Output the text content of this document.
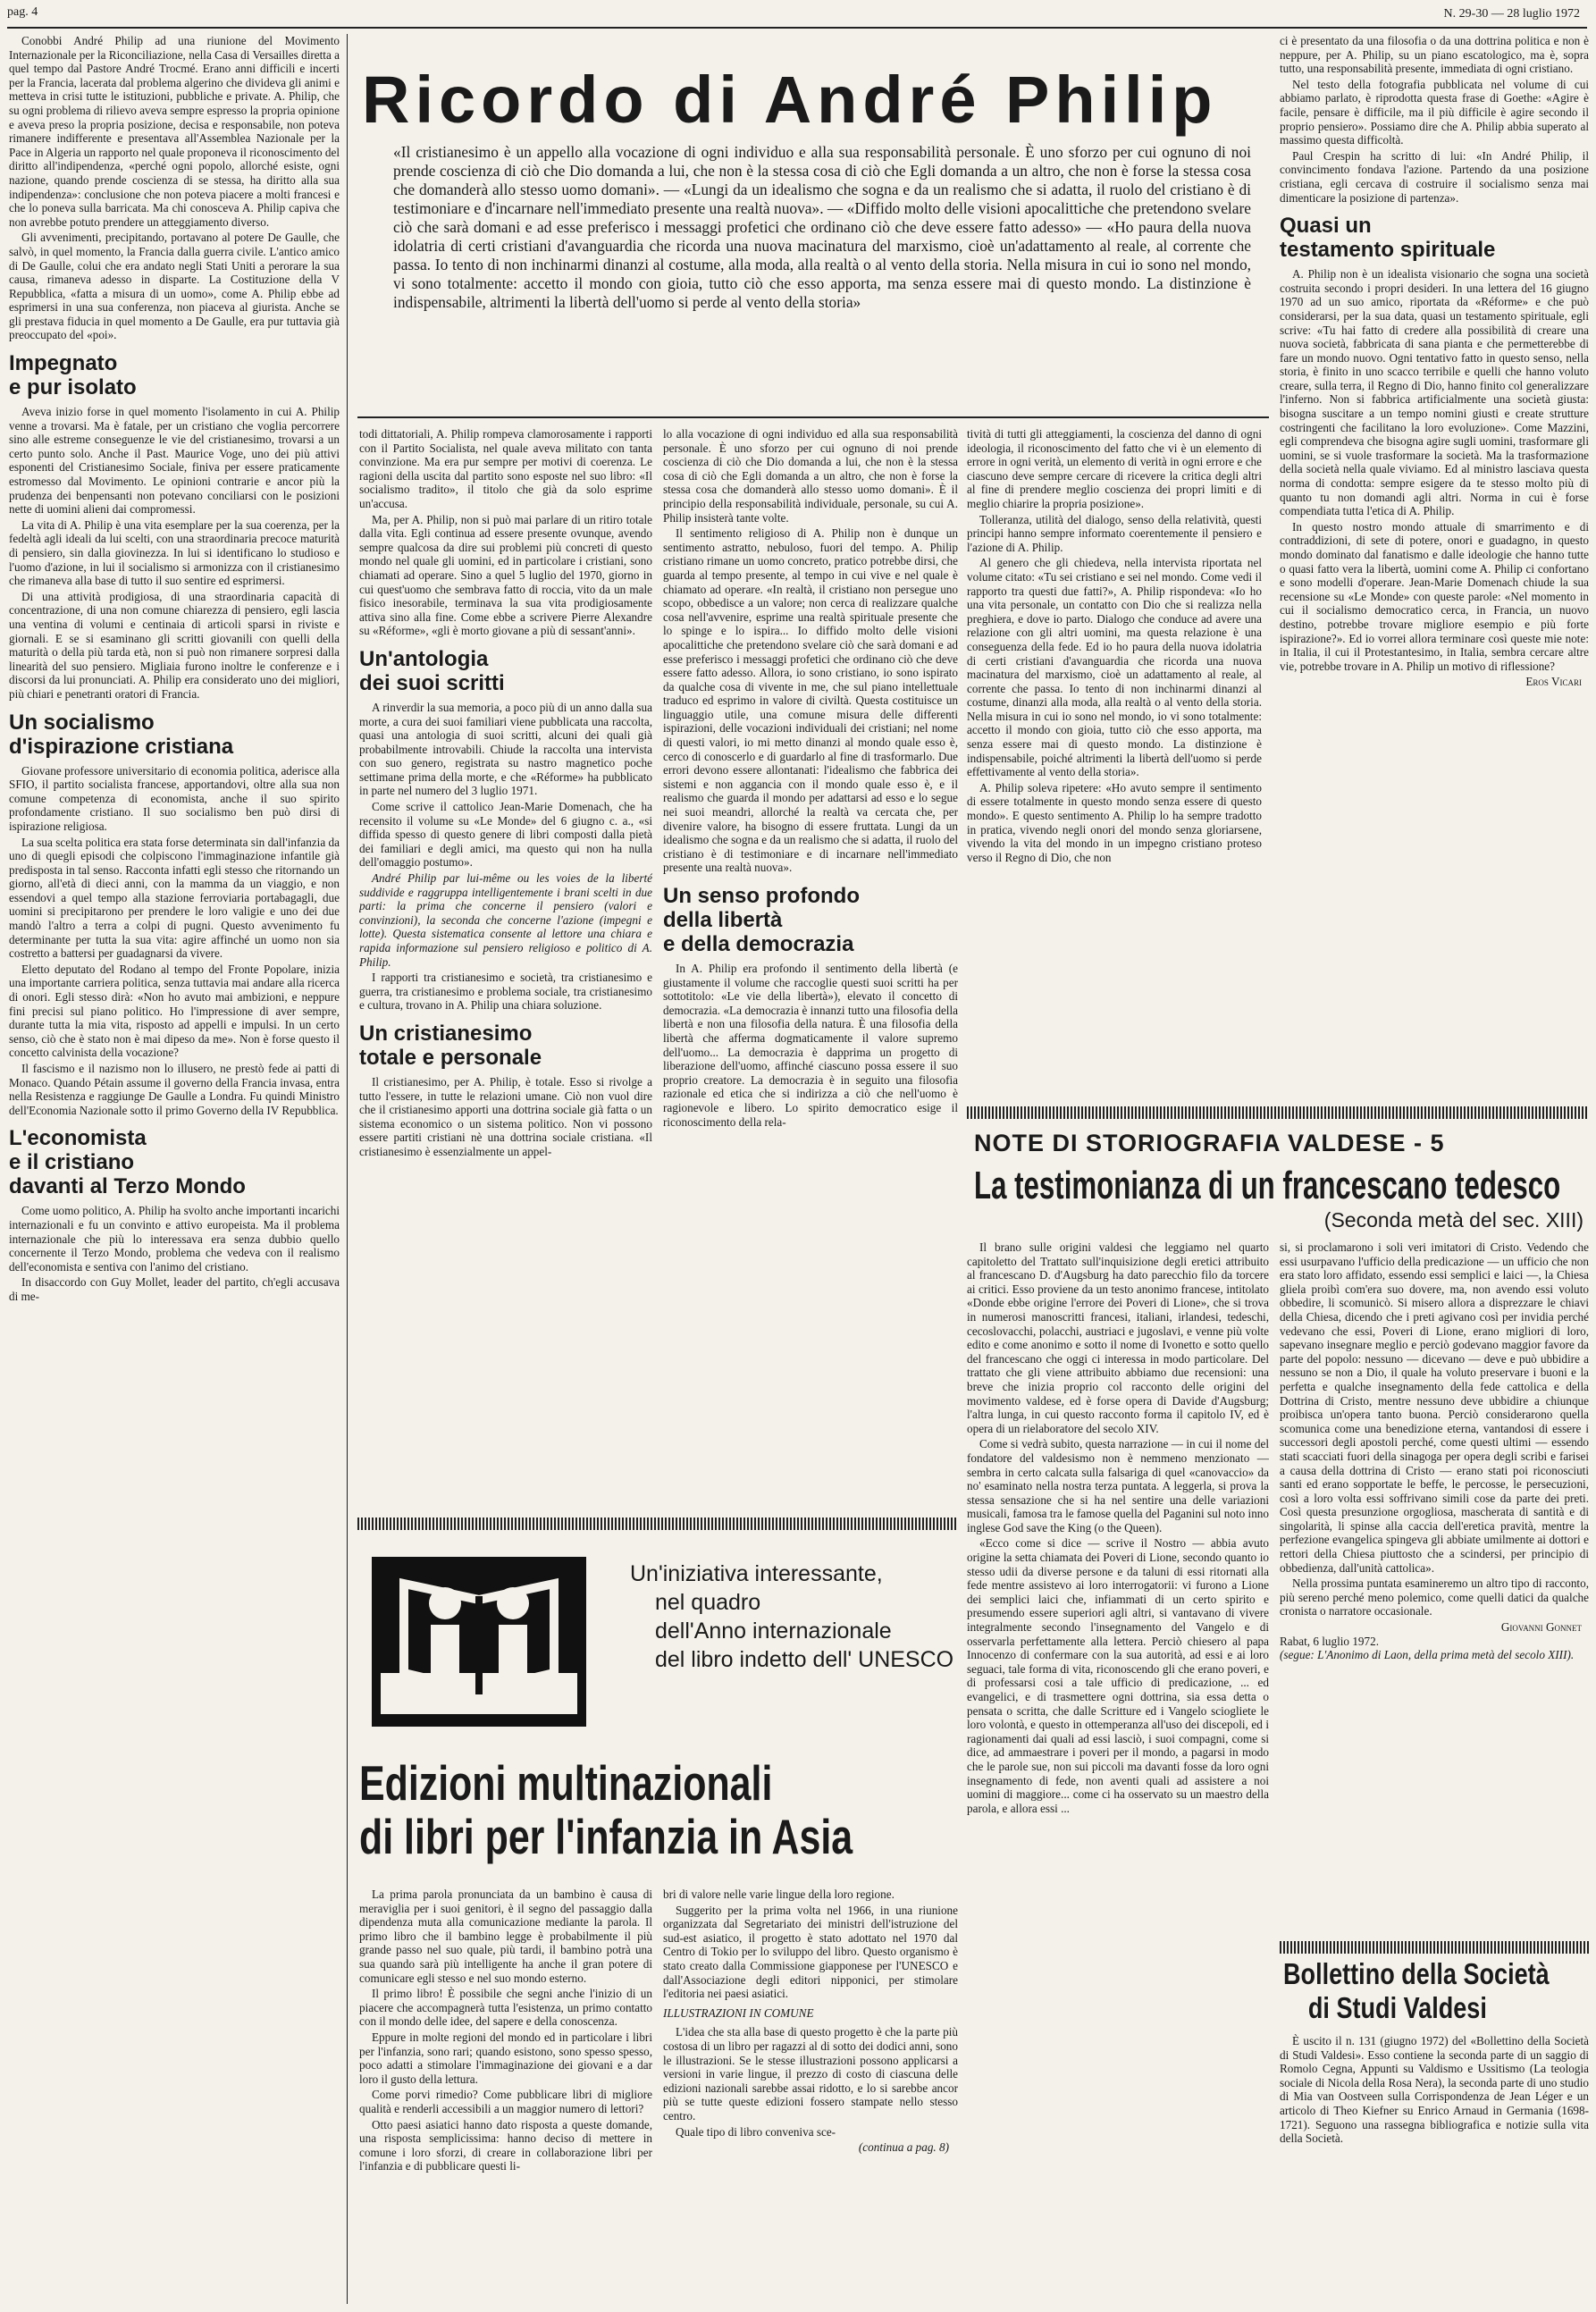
pag. 4	N. 29-30 — 28 luglio 1972

Conobbi André Philip ad una riunione del Movimento Internazionale per la Riconciliazione, nella Casa di Versailles diretta a quel tempo dal Pastore André Trocmé. Erano anni difficili e incerti per la Francia, lacerata dal problema algerino che divideva gli animi e metteva in crisi tutte le istituzioni, pubbliche e private. A. Philip, che su ogni problema di rilievo aveva sempre espresso la propria opinione e aveva preso la propria posizione, decisa e responsabile, non poteva rimanere indifferente e presentava all'Assemblea Nazionale per la Pace in Algeria un rapporto nel quale proponeva il riconoscimento del diritto all'indipendenza, «perché ogni popolo, allorché esiste, ogni nazione, quando prende coscienza di se stessa, ha diritto alla sua indipendenza»: conclusione che non poteva piacere a molti francesi e che lo poneva sulla barricata. Ma chi conosceva A. Philip capiva che non avrebbe potuto prendere un atteggiamento diverso.

Gli avvenimenti, precipitando, portavano al potere De Gaulle, che salvò, in quel momento, la Francia dalla guerra civile. L'antico amico di De Gaulle, colui che era andato negli Stati Uniti a perorare la sua causa, rimaneva adesso in disparte. La Costituzione della V Repubblica, «fatta a misura di un uomo», come A. Philip ebbe ad esprimersi in una sua conferenza, non piaceva al giurista. Anche se gli prestava fiducia in quel momento a De Gaulle, era pur tuttavia già preoccupato del «poi».

Impegnato
e pur isolato

Aveva inizio forse in quel momento l'isolamento in cui A. Philip venne a trovarsi. Ma è fatale, per un cristiano che voglia percorrere sino alle estreme conseguenze le vie del cristianesimo, trovarsi a un certo punto solo. Anche il Past. Maurice Voge, uno dei più attivi esponenti del Cristianesimo Sociale, finiva per essere praticamente estromesso dal Movimento. Le opinioni contrarie e ancor più la prudenza dei benpensanti non potevano conciliarsi con le posizioni nette di uomini alieni dai compromessi.

La vita di A. Philip è una vita esemplare per la sua coerenza, per la fedeltà agli ideali da lui scelti, con una straordinaria precoce maturità di pensiero, sin dalla giovinezza. In lui si identificano lo studioso e l'uomo d'azione, in lui il socialismo si armonizza con il cristianesimo che rimaneva alla base di tutto il suo sentire ed esprimersi.

Di una attività prodigiosa, di una straordinaria capacità di concentrazione, di una non comune chiarezza di pensiero, egli lascia una ventina di volumi e centinaia di articoli sparsi in riviste e giornali. E se si esaminano gli scritti giovanili con quelli della maturità o della più tarda età, non si può non rimanere sorpresi dalla linearità del suo pensiero. Migliaia furono inoltre le conferenze e i discorsi da lui pronunciati. A. Philip era considerato uno dei migliori, più chiari e penetranti oratori di Francia.

Un socialismo
d'ispirazione cristiana

Giovane professore universitario di economia politica, aderisce alla SFIO, il partito socialista francese, apportandovi, oltre alla sua non comune competenza di economista, anche il suo spirito profondamente cristiano. Il suo socialismo ben può dirsi di ispirazione religiosa.

La sua scelta politica era stata forse determinata sin dall'infanzia da uno di quegli episodi che colpiscono l'immaginazione infantile già predisposta in tal senso. Racconta infatti egli stesso che ritornando un giorno, all'età di dieci anni, con la mamma da un viaggio, e non essendovi a quel tempo alla stazione ferroviaria portabagagli, due uomini si precipitarono per prendere le loro valigie e uno dei due mandò l'altro a terra a colpi di pugni. Questo avvenimento fu determinante per tutta la sua vita: agire affinché un uomo non sia costretto a battersi per guadagnarsi da vivere.

Eletto deputato del Rodano al tempo del Fronte Popolare, inizia una importante carriera politica, senza tuttavia mai andare alla ricerca di onori. Egli stesso dirà: «Non ho avuto mai ambizioni, e neppure fini precisi sul piano politico. Ho l'impressione di aver sempre, durante tutta la mia vita, risposto ad appelli e impulsi. In un certo senso, ciò che è stato non è mai dipeso da me». Non è forse questo il concetto calvinista della vocazione?

Il fascismo e il nazismo non lo illusero, ne prestò fede ai patti di Monaco. Quando Pétain assume il governo della Francia invasa, entra nella Resistenza e raggiunge De Gaulle a Londra. Fu quindi Ministro dell'Economia Nazionale sotto il primo Governo della IV Repubblica.

L'economista
e il cristiano
davanti al Terzo Mondo

Come uomo politico, A. Philip ha svolto anche importanti incarichi internazionali e fu un convinto e attivo europeista. Ma il problema internazionale che più lo interessava era senza dubbio quello concernente il Terzo Mondo, problema che vedeva con il realismo dell'economista e sentiva con l'animo del cristiano.

In disaccordo con Guy Mollet, leader del partito, ch'egli accusava di me-

Ricordo di André Philip
«Il cristianesimo è un appello alla vocazione di ogni individuo e alla sua responsabilità personale. È uno sforzo per cui ognuno di noi prende coscienza di ciò che Dio domanda a lui, che non è la stessa cosa di ciò che Egli domanda a un altro, che non è forse la stessa cosa che domanderà allo stesso uomo domani». — «Lungi da un idealismo che sogna e da un realismo che si adatta, il ruolo del cristiano è di testimoniare e d'incarnare nell'immediato presente una realtà nuova». — «Diffido molto delle visioni apocalittiche che pretendono svelare ciò che sarà domani e ad esse preferisco i messaggi profetici che ordinano ciò che deve essere fatto adesso» — «Ho paura della nuova idolatria di certi cristiani d'avanguardia che ricorda una nuova macinatura del marxismo, cioè un'adattamento al reale, al corrente che passa. Io tento di non inchinarmi dinanzi al costume, alla moda, alla realtà o al vento della storia. Nella misura in cui io sono nel mondo, vi sono totalmente: accetto il mondo con gioia, tutto ciò che esso apporta, ma senza essere mai di questo mondo. La distinzione è indispensabile, altrimenti la libertà dell'uomo si perde al vento della storia»

todi dittatoriali, A. Philip rompeva clamorosamente i rapporti con il Partito Socialista, nel quale aveva militato con tanta convinzione. Ma era pur sempre per motivi di coerenza. Le ragioni della uscita dal partito sono esposte nel suo libro: «Il socialismo tradito», il titolo che già da solo esprime un'accusa.

Ma, per A. Philip, non si può mai parlare di un ritiro totale dalla vita. Egli continua ad essere presente ovunque, avendo sempre qualcosa da dire sui problemi più concreti di questo mondo nel quale gli uomini, ed in particolare i cristiani, sono chiamati ad operare. Sino a quel 5 luglio del 1970, giorno in cui quest'uomo che sembrava fatto di roccia, vito da un male fisico inesorabile, terminava la sua vita prodigiosamente attiva sino alla fine. Come ebbe a scrivere Pierre Alexandre su «Réforme», «gli è morto giovane a più di sessant'anni».

Un'antologia
dei suoi scritti

A rinverdir la sua memoria, a poco più di un anno dalla sua morte, a cura dei suoi familiari viene pubblicata una raccolta, quasi una antologia di suoi scritti, alcuni dei quali già probabilmente introvabili. Chiude la raccolta una intervista con suo genero, registrata su nastro magnetico poche settimane prima della morte, e che «Réforme» ha pubblicato in parte nel numero del 3 luglio 1971.

Come scrive il cattolico Jean-Marie Domenach, che ha recensito il volume su «Le Monde» del 6 giugno c. a., «si diffida spesso di questo genere di libri composti dalla pietà dei familiari e degli amici, ma questo qui non ha nulla dell'omaggio postumo».

André Philip par lui-même ou les voies de la liberté suddivide e raggruppa intelligentemente i brani scelti in due parti: la prima che concerne il pensiero (valori e convinzioni), la seconda che concerne l'azione (impegni e lotte). Questa sistematica consente al lettore una chiara e rapida informazione sul pensiero religioso e politico di A. Philip.

I rapporti tra cristianesimo e società, tra cristianesimo e guerra, tra cristianesimo e problema sociale, tra cristianesimo e cultura, trovano in A. Philip una chiara soluzione.

Un cristianesimo
totale e personale

Il cristianesimo, per A. Philip, è totale. Esso si rivolge a tutto l'essere, in tutte le relazioni umane. Ciò non vuol dire che il cristianesimo apporti una dottrina sociale già fatta o un sistema economico o un sistema politico. Non vi possono essere partiti cristiani nè una dottrina sociale cristiana. «Il cristianesimo è essenzialmente un appel-

lo alla vocazione di ogni individuo ed alla sua responsabilità personale. È uno sforzo per cui ognuno di noi prende coscienza di ciò che Dio domanda a lui, che non è la stessa cosa di ciò che Egli domanda a un altro, che non è forse la stessa cosa che domanderà allo stesso uomo domani». È il principio della responsabilità individuale, personale, su cui A. Philip insisterà tante volte.

Il sentimento religioso di A. Philip non è dunque un sentimento astratto, nebuloso, fuori del tempo. A. Philip cristiano rimane un uomo concreto, pratico potrebbe dirsi, che guarda al tempo presente, al tempo in cui vive e nel quale è chiamato ad operare. «In realtà, il cristiano non persegue uno scopo, obbedisce a un valore; non cerca di realizzare qualche cosa nell'avvenire, esprime una realtà spirituale presente che lo spinge e lo ispira... Io diffido molto delle visioni apocalittiche che pretendono svelare ciò che sarà domani e ad esse preferisco i messaggi profetici che ordinano ciò che deve essere fatto adesso. Allora, io sono cristiano, io sono ispirato da qualche cosa di vivente in me, che sul piano intellettuale traduco ed esprimo in valore di civiltà. Questa costituisce un linguaggio utile, una comune misura delle differenti ispirazioni, delle vocazioni individuali dei cristiani; nel nome di questi valori, io mi metto dinanzi al mondo quale esso è, cerco di conoscerlo e di guardarlo al fine di trasformarlo. Due errori devono essere allontanati: l'idealismo che fabbrica dei sistemi e non aggancia con il mondo quale esso è, e il realismo che guarda il mondo per adattarsi ad esso e lo segue nei suoi meandri, allorché la realtà va cercata che, per divenire valore, ha bisogno di essere fruttata. Lungi da un idealismo che sogna e da un realismo che si adatta, il ruolo del cristiano è di testimoniare e di incarnare nell'immediato presente una realtà nuova».

Un senso profondo
della libertà
e della democrazia

In A. Philip era profondo il sentimento della libertà (e giustamente il volume che raccoglie questi suoi scritti ha per sottotitolo: «Le vie della libertà»), elevato il concetto di democrazia. «La democrazia è innanzi tutto una filosofia della libertà e non una filosofia della natura. È una filosofia della libertà che afferma dogmaticamente il valore supremo dell'uomo... La democrazia è dapprima un progetto di liberazione dell'uomo, affinché ciascuno possa essere il suo proprio creatore. La democrazia è in seguito una filosofia razionale ed etica che si indirizza a ciò che nell'uomo è ragionevole e libero. Lo spirito democratico esige il riconoscimento della rela-

tività di tutti gli atteggiamenti, la coscienza del danno di ogni ideologia, il riconoscimento del fatto che vi è un elemento di errore in ogni verità, un elemento di verità in ogni errore e che ciascuno deve sempre cercare di ricevere la critica degli altri al fine di prendere meglio coscienza dei propri limiti e di meglio chiarire la propria posizione».

Tolleranza, utilità del dialogo, senso della relatività, questi principi hanno sempre informato coerentemente il pensiero e l'azione di A. Philip.

Al genero che gli chiedeva, nella intervista riportata nel volume citato: «Tu sei cristiano e sei nel mondo. Come vedi il rapporto tra questi due fatti?», A. Philip rispondeva: «Io ho una vita personale, un contatto con Dio che si realizza nella preghiera, e dove io parto. Dialogo che conduce ad avere una relazione con gli altri uomini, ma questa relazione è una conseguenza della fede. Ed io ho paura della nuova idolatria di certi cristiani d'avanguardia che ricorda una nuova macinatura del marxismo, cioè un adattamento al reale, al corrente che passa. Io tento di non inchinarmi dinanzi al costume, dinanzi alla moda, alla realtà o al vento della storia. Nella misura in cui io sono nel mondo, io vi sono totalmente: accetto il mondo con gioia, tutto ciò che esso apporta, ma senza essere mai di questo mondo. La distinzione è indispensabile, poiché altrimenti la libertà dell'uomo si perde effettivamente al vento della storia».

A. Philip soleva ripetere: «Ho avuto sempre il sentimento di essere totalmente in questo mondo senza essere di questo mondo». E questo sentimento A. Philip lo ha sempre tradotto in pratica, vivendo negli onori del mondo senza gloriarsene, vivendo la vita del mondo in un impegno cristiano proteso verso il Regno di Dio, che non

ci è presentato da una filosofia o da una dottrina politica e non è neppure, per A. Philip, su un piano escatologico, ma è, sopra tutto, una responsabilità presente, immediata di ogni cristiano.

Nel testo della fotografia pubblicata nel volume di cui abbiamo parlato, è riprodotta questa frase di Goethe: «Agire è facile, pensare è difficile, ma il più difficile è agire secondo il proprio pensiero». Possiamo dire che A. Philip abbia superato al massimo questa difficoltà.

Paul Crespin ha scritto di lui: «In André Philip, il convincimento fondava l'azione. Partendo da una posizione cristiana, egli cercava di costruire il socialismo senza mai dimenticare la posizione di partenza».

Quasi un
testamento spirituale

A. Philip non è un idealista visionario che sogna una società costruita secondo i propri desideri. In una lettera del 16 giugno 1970 ad un suo amico, riportata da «Réforme» e che può considerarsi, per la sua data, quasi un testamento spirituale, egli scrive: «Tu hai fatto di credere alla possibilità di creare una nuova società, fabbricata di sana pianta e che permetterebbe di fare un mondo nuovo. Ogni tentativo fatto in questo senso, nella storia, è finito in uno scacco terribile e quelli che hanno voluto creare, sulla terra, il Regno di Dio, hanno finito col generalizzare l'inferno. Non si fabbrica artificialmente una società giusta: bisogna suscitare a un tempo nomini giusti e create strutture costringenti che facilitano la loro evoluzione». Come Mazzini, egli comprendeva che bisogna agire sugli uomini, trasformare gli uomini, se si vuole trasformare la società. Ma la trasformazione della società nella quale viviamo. Ed al ministro lasciava questa norma di condotta: sempre esigere da te stesso molto più di quanto tu non domandi agli altri. Norma in cui è forse compendiata tutta l'etica di A. Philip.

In questo nostro mondo attuale di smarrimento e di contraddizioni, di sete di potere, onori e guadagno, in questo mondo dominato dal fanatismo e dalle ideologie che hanno tutte o quasi fatto vera la libertà, uomini come A. Philip ci confortano e sono modelli d'operare. Jean-Marie Domenach chiude la sua recensione su «Le Monde» con queste parole: «Nel momento in cui il socialismo democratico cerca, in Francia, un nuovo destino, potrebbe trovare migliore esempio e più forte ispirazione?». Ed io vorrei allora terminare così queste mie note: in Italia, il cui il Protestantesimo, in Italia, sembra cercare altre vie, potrebbe trovare in A. Philip un motivo di riflessione?

Eros Vicari
NOTE DI STORIOGRAFIA VALDESE - 5
La testimonianza di un francescano tedesco
(Seconda metà del sec. XIII)

Il brano sulle origini valdesi che leggiamo nel quarto capitoletto del Trattato sull'inquisizione degli eretici attribuito al francescano D. d'Augsburg ha dato parecchio filo da torcere ai critici. Esso proviene da un testo anonimo francese, intitolato «Donde ebbe origine l'errore dei Poveri di Lione», che si trova in numerosi manoscritti francesi, italiani, irlandesi, tedeschi, cecoslovacchi, polacchi, austriaci e jugoslavi, e venne più volte edito e come anonimo e sotto il nome di Ivonetto e sotto quello del francescano che oggi ci interessa in modo particolare. Del trattato che gli viene attribuito abbiamo due recensioni: una breve che inizia proprio col racconto delle origini del movimento valdese, ed è forse opera di Davide d'Augsburg; l'altra lunga, in cui questo racconto forma il capitolo IV, ed è opera di un rielaboratore del secolo XIV.

Come si vedrà subito, questa narrazione — in cui il nome del fondatore del valdesismo non è nemmeno menzionato — sembra in certo calcata sulla falsariga di quel «canovaccio» da no' esaminato nella nostra terza puntata. A leggerla, si prova la stessa sensazione che si ha nel sentire una delle variazioni musicali, famosa tra le famose quella del Paganini sul noto inno inglese God save the King (o the Queen).

«Ecco come si dice — scrive il Nostro — abbia avuto origine la setta chiamata dei Poveri di Lione, secondo quanto io stesso udii da diverse persone e da taluni di essi ritornati alla fede mentre assistevo ai loro interrogatorii: vi furono a Lione dei semplici laici che, infiammati di un certo spirito e presumendo essere superiori agli altri, si vantavano di vivere integralmente secondo l'insegnamento del Vangelo e di osservarla perfettamente alla lettera. Perciò chiesero al papa Innocenzo di confermare con la sua autorità, ad essi e ai loro seguaci, tale forma di vita, riconoscendo gli che erano poveri, e di professarsi cosi a tale ufficio di predicazione, ... ed evangelici, e di trasmettere ogni dottrina, sia essa detta o pensata o scritta, che dalle Scritture ed i Vangelo sciogliete le loro volontà, e questo in ottemperanza all'uso dei discepoli, ed i ragionamenti dai quali ad essi lasciò, i suoi compagni, come si dice, ad ammaestrare i poveri per il mondo, a pagarsi in modo che le parole sue, non sui piccoli ma davanti fosse da loro ogni insegnamento di fede, non aventi quali ad assistere a noi uomini di maggiore... come ci ha osservato su un maestro della parola, e allora essi ...

si, si proclamarono i soli veri imitatori di Cristo. Vedendo che essi usurpavano l'ufficio della predicazione — un ufficio che non era stato loro affidato, essendo essi semplici e laici —, la Chiesa gliela proibì com'era suo dovere, ma, non avendo essi voluto obbedire, li scomunicò. Si misero allora a disprezzare le chiavi della Chiesa, dicendo che i preti agivano così per invidia perché vedevano che essi, Poveri di Lione, erano migliori di loro, sapevano insegnare meglio e perciò godevano maggior favore da parte del popolo: nessuno — dicevano — deve e può ubbidire a nessuno se non a Dio, il quale ha voluto preservare i buoni e la perfetta e qualche insegnamento della fede cattolica e della Dottrina di Cristo, mentre nessuno deve ubbidire a chiunque proibisca un'opera tanto buona. Perciò considerarono quella scomunica come una benedizione eterna, vantandosi di essere i successori degli apostoli perché, come questi ultimi — essendo stati scacciati fuori della sinagoga per opera degli scribi e farisei a causa della dottrina di Cristo — erano stati poi riconosciuti santi ed erano sopportate le beffe, le percosse, le persecuzioni, così a loro volta essi soffrivano simili cose da parte dei preti. Così questa presunzione orgogliosa, mascherata di santità e di singolarità, li spinse alla caccia dell'eretica pravità, mentre la perfezione evangelica spingeva gli abbiate umilmente ai dottori e rettori della Chiesa piuttosto che a scindersi, per principio di obbedienza, dall'unità cattolica».

Nella prossima puntata esamineremo un altro tipo di racconto, più sereno perché meno polemico, come quelli datici da qualche cronista o narratore occasionale.

Giovanni Gonnet
Rabat, 6 luglio 1972.
(segue: L'Anonimo di Laon, della prima metà del secolo XIII).
Bollettino della Società
di Studi Valdesi
È uscito il n. 131 (giugno 1972) del «Bollettino della Società di Studi Valdesi». Esso contiene la seconda parte di un saggio di Romolo Cegna, Appunti su Valdismo e Ussitismo (La teologia sociale di Nicola della Rosa Nera), la seconda parte di uno studio di Mia van Oostveen sulla Corrispondenza de Jean Léger e un articolo di Theo Kiefner su Enrico Arnaud in Germania (1698-1721). Seguono una rassegna bibliografica e notizie sulla vita della Società.
Un'iniziativa interessante,
nel quadro
dell'Anno internazionale
del libro indetto dell' UNESCO
Edizioni multinazionali
di libri per l'infanzia in Asia

La prima parola pronunciata da un bambino è causa di meraviglia per i suoi genitori, è il segno del passaggio dalla dipendenza muta alla comunicazione mediante la parola. Il primo libro che il bambino legge è probabilmente il più grande passo nel suo quale, più tardi, il bambino potrà una sua quando sarà più intelligente ha anche il gran potere di comunicare egli stesso e nel suo mondo esterno.

Il primo libro! È possibile che segni anche l'inizio di un piacere che accompagnerà tutta l'esistenza, un primo contatto con il mondo delle idee, del sapere e della conoscenza.

Eppure in molte regioni del mondo ed in particolare i libri per l'infanzia, sono rari; quando esistono, sono spesso spesso, poco adatti a stimolare l'immaginazione dei giovani e a dar loro il gusto della lettura.

Come porvi rimedio? Come pubblicare libri di migliore qualità e renderli accessibili a un maggior numero di lettori?

Otto paesi asiatici hanno dato risposta a queste domande, una risposta semplicissima: hanno deciso di mettere in comune i loro sforzi, di creare in collaborazione libri per l'infanzia e di pubblicare questi li-

bri di valore nelle varie lingue della loro regione.

Suggerito per la prima volta nel 1966, in una riunione organizzata dal Segretariato dei ministri dell'istruzione del sud-est asiatico, il progetto è stato adottato nel 1970 dal Centro di Tokio per lo sviluppo del libro. Questo organismo è stato creato dalla Commissione giapponese per l'UNESCO e dall'Associazione degli editori nipponici, per stimolare l'editoria nei paesi asiatici.

ILLUSTRAZIONI IN COMUNE

L'idea che sta alla base di questo progetto è che la parte più costosa di un libro per ragazzi al di sotto dei dodici anni, sono le illustrazioni. Se le stesse illustrazioni possono applicarsi a versioni in varie lingue, il prezzo di costo di ciascuna delle edizioni nazionali sarebbe assai ridotto, e lo si sarebbe ancor più se tutte queste edizioni fossero stampate nello stesso centro.

Quale tipo di libro conveniva sce-

(continua a pag. 8)
